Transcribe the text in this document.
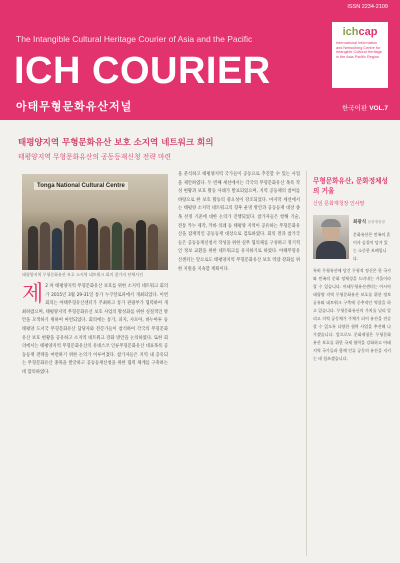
ISSN 2234-2109
The Intangible Cultural Heritage Courier of Asia and the Pacific
ICH COURIER
아태무형문화유산저널
ichcap
International Information and Networking Centre for Intangible Cultural Heritage in the Asia-Pacific Region
한국어판 VOL.7
태평양지역 무형문화유산 보호 소지역 네트워크 회의
태평양지역 무형문화유산의 공동등재신청 전략 마련
Tonga National Cultural Centre
태평양지역 무형문화유산 보호 소지역 네트워크 회의 참가자 단체사진
제 2 차 태평양지역 무형문화유산 보호를 위한 소지역 네트워크 회의가 2015년 3월 29-31일 통가 누쿠알로파에서 개최되었다. 이번 회의는 아태무형유산센터가 주최하고 통가 관광부가 협력하여 개최하였으며, 태평양지역 무형문화유산 보호 사업의 활성화를 위한 실질적인 방안을 모색하기 위하여 마련되었다. 회의에는 통가, 피지, 사모아, 바누아투 등 태평양 도서국 무형문화유산 담당자와 전문가들이 참석하여 각국의 무형문화유산 보호 현황을 공유하고 소지역 네트워크 강화 방안을 논의하였다. 또한 회의에서는 태평양지역 무형문화유산의 유네스코 인류무형문화유산 대표목록 공동등재 전략을 마련하기 위한 논의가 이루어졌다. 참가자들은 지역 내 공유되는 무형문화유산 종목을 발굴하고 공동등재신청을 위한 협력 체계를 구축하는 데 합의하였다.
을 분석하고 태평양지역 국가들이 공동으로 추진할 수 있는 사업을 제안하였다. 두 번째 세션에서는 각국의 무형문화유산 목록 작성 현황과 보호 활동 사례가 발표되었으며, 지역 공동체의 참여를 바탕으로 한 보호 활동의 중요성이 강조되었다. 마지막 세션에서는 태평양 소지역 네트워크의 향후 운영 방안과 공동등재 대상 종목 선정 기준에 대한 논의가 진행되었다. 참가자들은 항해 기술, 전통 카누 제작, 카바 의례 등 태평양 지역이 공유하는 무형문화유산을 잠재적인 공동등재 대상으로 검토하였다. 회의 결과 참가국들은 공동등재신청서 작성을 위한 실무 협의체를 구성하고 정기적인 정보 교환을 위한 네트워크를 유지하기로 하였다. 아태무형유산센터는 앞으로도 태평양지역 무형문화유산 보호 역량 강화를 위한 지원을 지속할 계획이다.
무형문화유산, 문화정체성의 거울
신임 문화재청장 인사말
최광식 문화재청장
문화유산은 민족의 혼이자 숨결이 담겨 있는 소중한 보배입니다.
특히 무형유산에 담긴 무형적 정신은 한 국가와 민족의 문화 정체성을 드러내는 거울이라 할 수 있습니다. 아태무형유산센터는 아시아태평양 지역 무형문화유산 보호를 위한 정보 공유와 네트워크 구축에 중추적인 역할을 하고 있습니다. 무형문화유산의 가치를 널리 알리고 지역 공동체가 주체가 되어 유산을 전승할 수 있도록 다양한 협력 사업을 추진해 나가겠습니다. 앞으로도 문화재청은 무형문화유산 보호를 위한 국제 협력을 강화하고 아태지역 국가들과 함께 인류 공동의 유산을 지키는 데 힘쓰겠습니다.
